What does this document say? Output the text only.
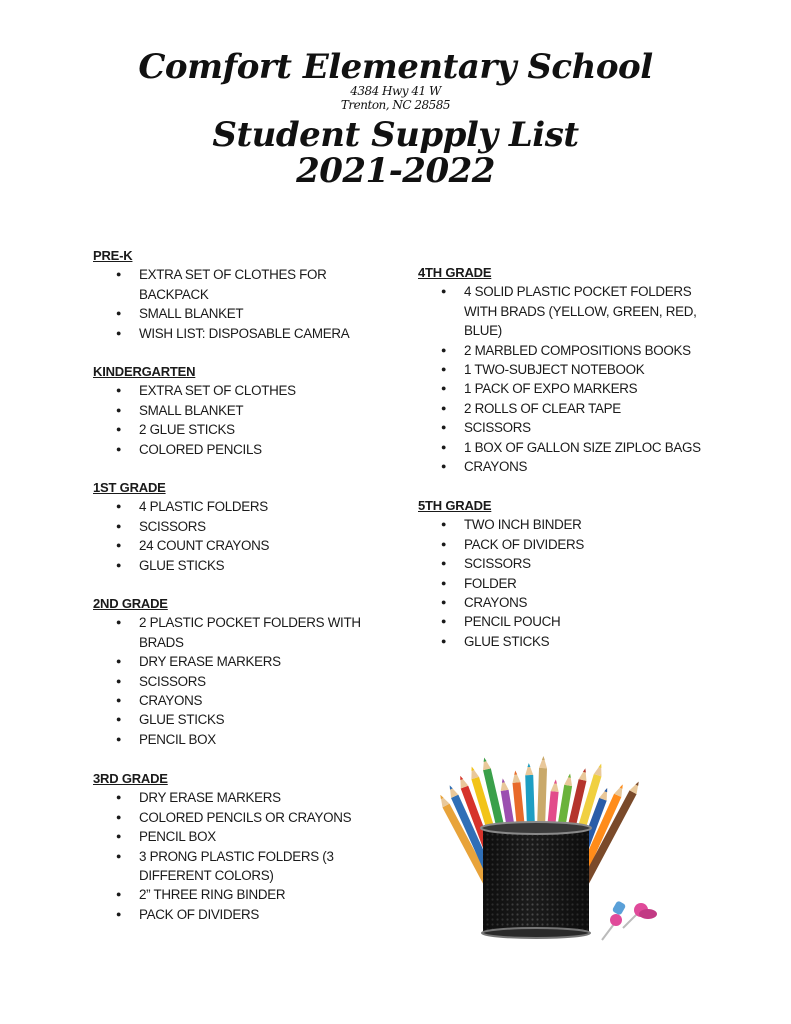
Comfort Elementary School
4384 Hwy 41 W
Trenton, NC 28585
Student Supply List
2021-2022
PRE-K
● EXTRA SET OF CLOTHES FOR BACKPACK
● SMALL BLANKET
● WISH LIST: DISPOSABLE CAMERA
KINDERGARTEN
● EXTRA SET OF CLOTHES
● SMALL BLANKET
● 2 GLUE STICKS
● COLORED PENCILS
1ST GRADE
● 4 PLASTIC FOLDERS
● SCISSORS
● 24 COUNT CRAYONS
● GLUE STICKS
2ND GRADE
● 2 PLASTIC POCKET FOLDERS WITH BRADS
● DRY ERASE MARKERS
● SCISSORS
● CRAYONS
● GLUE STICKS
● PENCIL BOX
3RD GRADE
● DRY ERASE MARKERS
● COLORED PENCILS OR CRAYONS
● PENCIL BOX
● 3 PRONG PLASTIC FOLDERS (3 DIFFERENT COLORS)
● 2” THREE RING BINDER
● PACK OF DIVIDERS
4TH GRADE
● 4 SOLID PLASTIC POCKET FOLDERS WITH BRADS (YELLOW, GREEN, RED, BLUE)
● 2 MARBLED COMPOSITIONS BOOKS
● 1 TWO-SUBJECT NOTEBOOK
● 1 PACK OF EXPO MARKERS
● 2 ROLLS OF CLEAR TAPE
● SCISSORS
● 1 BOX OF GALLON SIZE ZIPLOC BAGS
● CRAYONS
5TH GRADE
● TWO INCH BINDER
● PACK OF DIVIDERS
● SCISSORS
● FOLDER
● CRAYONS
● PENCIL POUCH
● GLUE STICKS
